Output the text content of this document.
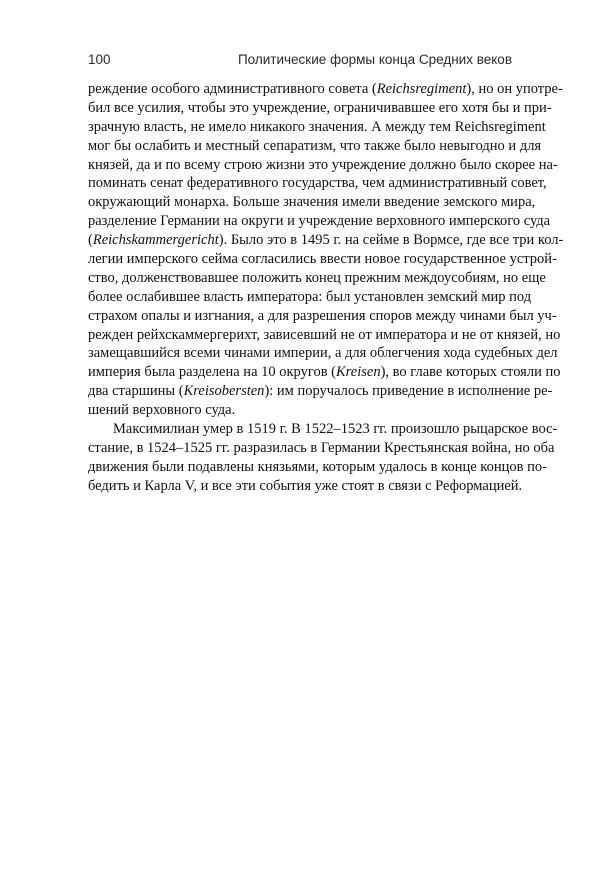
100	Политические формы конца Средних веков
реждение особого административного совета (Reichsregiment), но он употре-
бил все усилия, чтобы это учреждение, ограничивавшее его хотя бы и при-
зрачную власть, не имело никакого значения. А между тем Reichsregiment
мог бы ослабить и местный сепаратизм, что также было невыгодно и для
князей, да и по всему строю жизни это учреждение должно было скорее на-
поминать сенат федеративного государства, чем административный совет,
окружающий монарха. Больше значения имели введение земского мира,
разделение Германии на округи и учреждение верховного имперского суда
(Reichskammergericht). Было это в 1495 г. на сейме в Вормсе, где все три кол-
легии имперского сейма согласились ввести новое государственное устрой-
ство, долженствовавшее положить конец прежним междоусобиям, но еще
более ослабившее власть императора: был установлен земский мир под
страхом опалы и изгнания, а для разрешения споров между чинами был уч-
режден рейхскаммергерихт, зависевший не от императора и не от князей, но
замещавшийся всеми чинами империи, а для облегчения хода судебных дел
империя была разделена на 10 округов (Kreisen), во главе которых стояли по
два старшины (Kreisobersten): им поручалось приведение в исполнение ре-
шений верховного суда.
Максимилиан умер в 1519 г. В 1522–1523 гг. произошло рыцарское вос-
стание, в 1524–1525 гг. разразилась в Германии Крестьянская война, но оба
движения были подавлены князьями, которым удалось в конце концов по-
бедить и Карла V, и все эти события уже стоят в связи с Реформацией.
